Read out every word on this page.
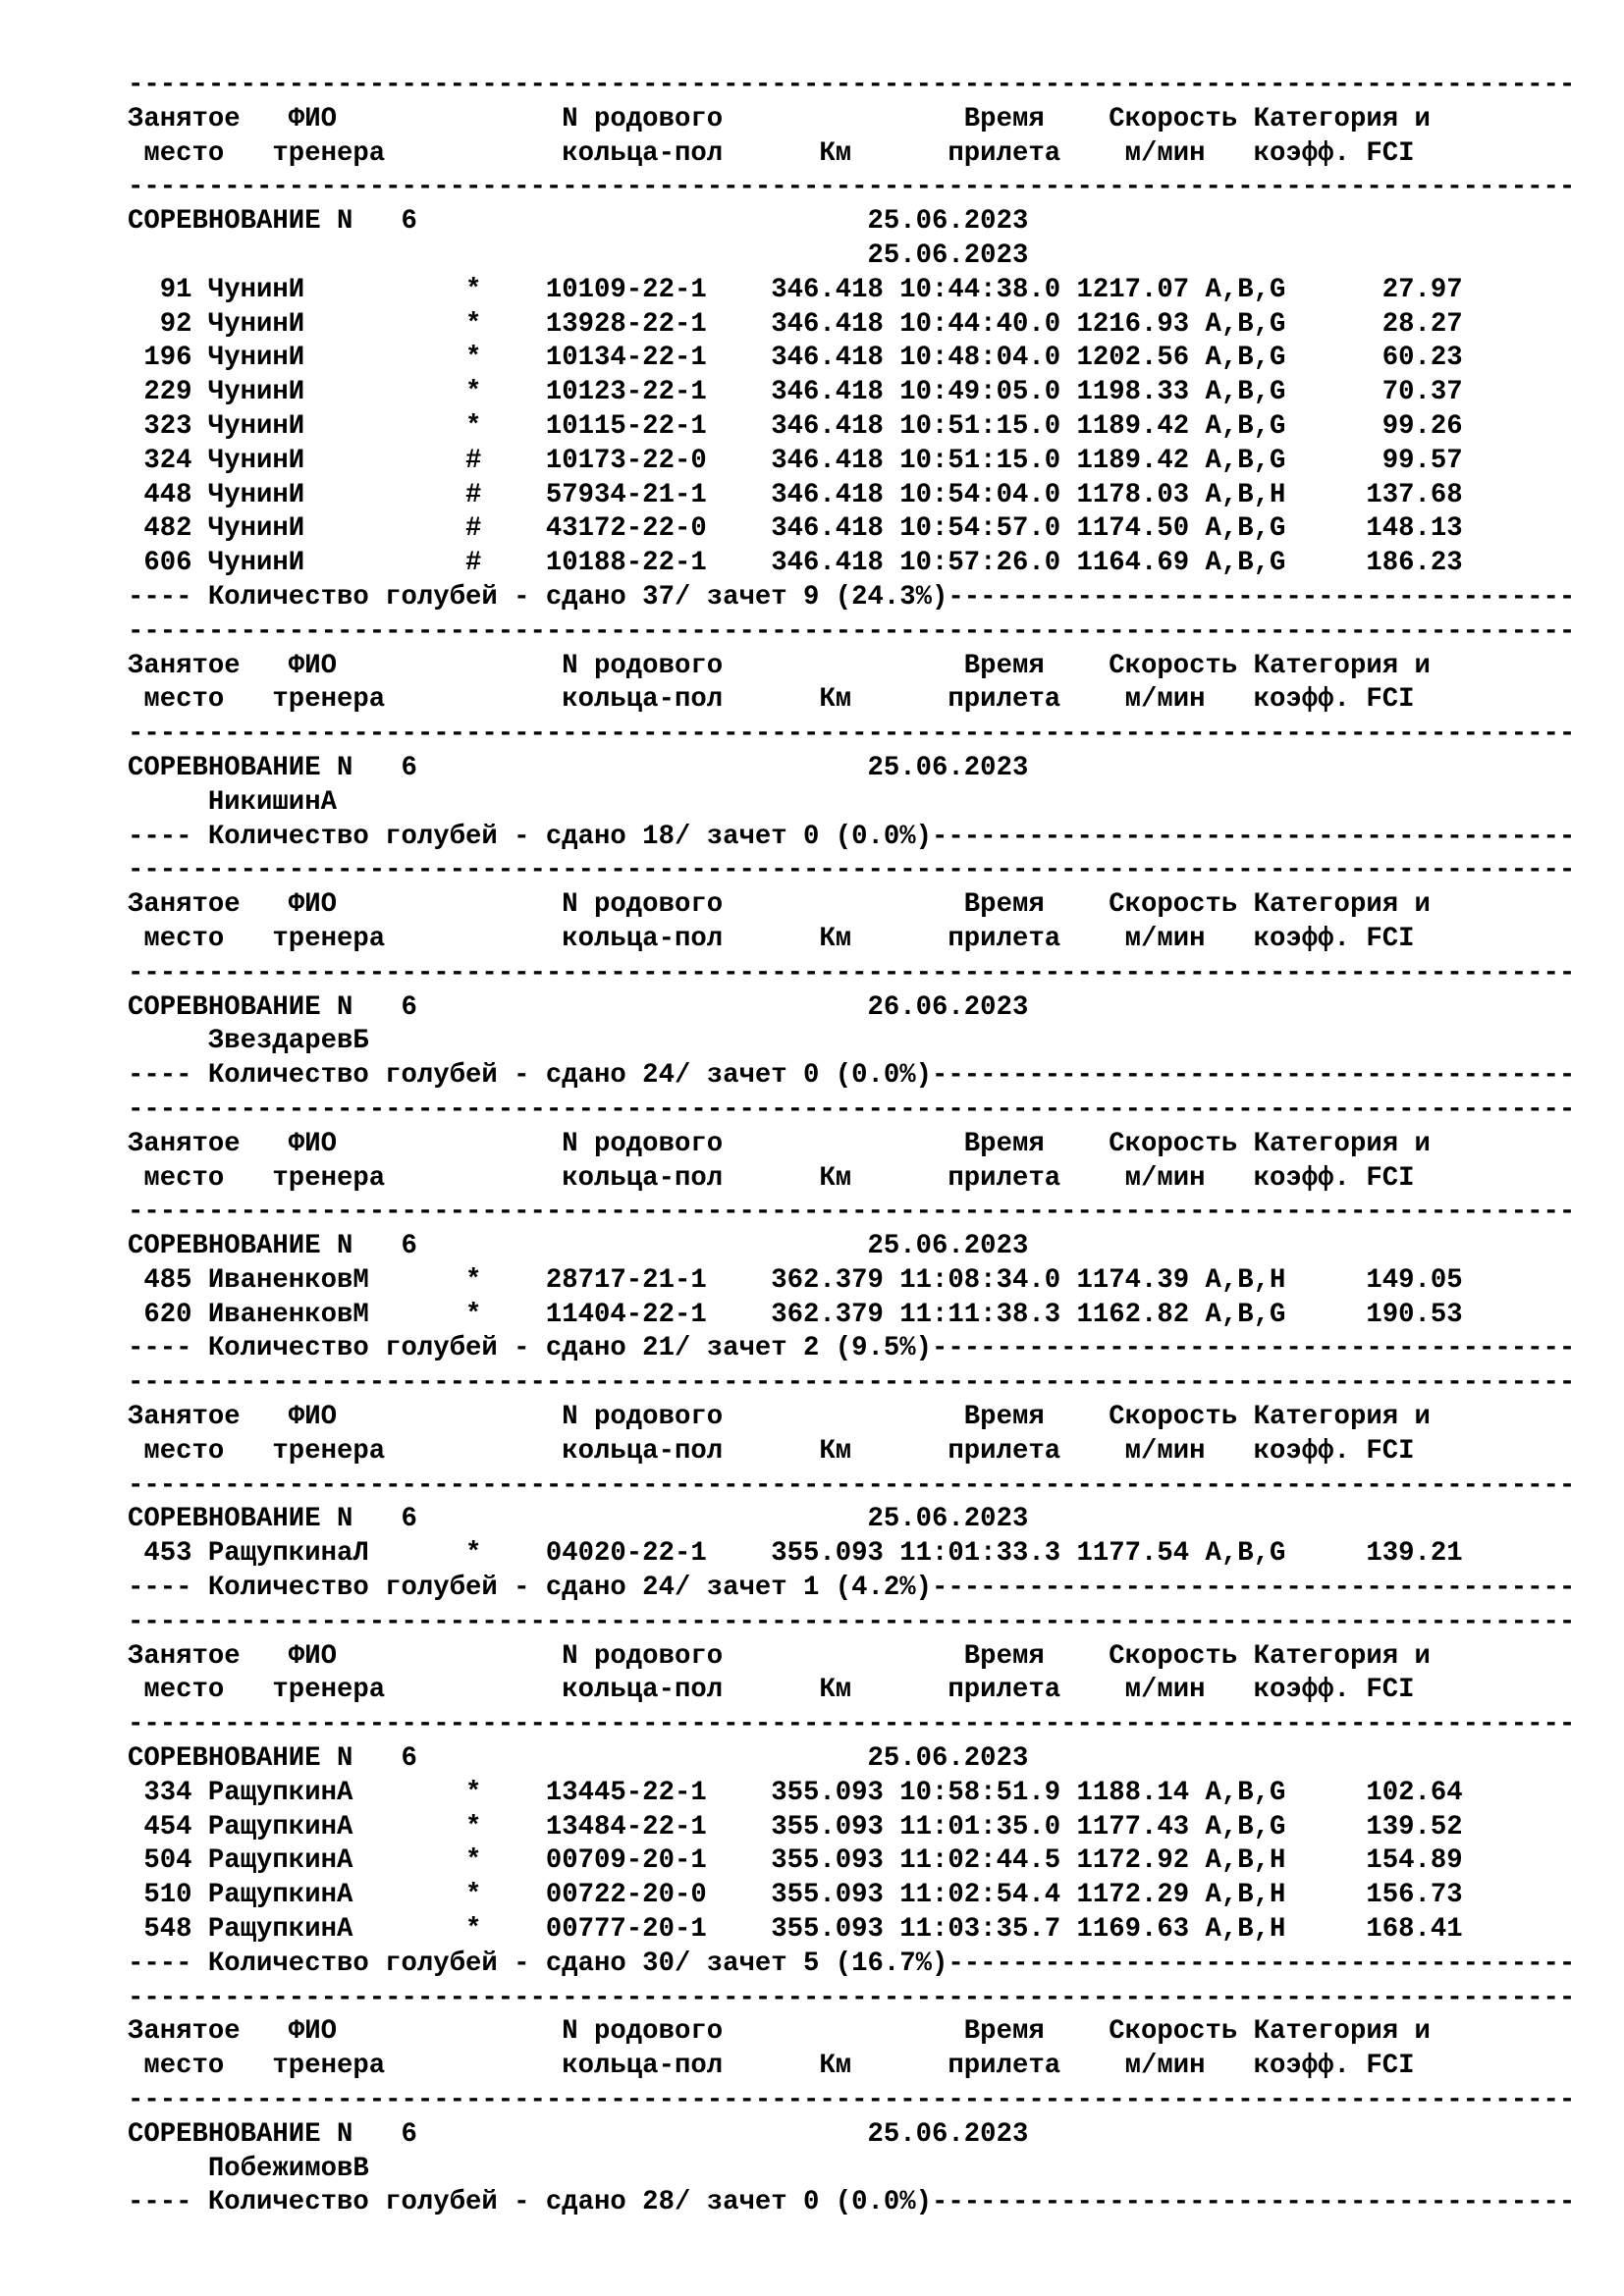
------------------------------------------------------------------------------------------
Занятое   ФИО              N родового               Время    Скорость Категория и
место   тренера           кольца-пол      Км      прилета    м/мин   коэфф. FCI
------------------------------------------------------------------------------------------
СОРЕВНОВАНИЕ N   6                            25.06.2023
25.06.2023
91 ЧунинИ          *    10109-22-1    346.418 10:44:38.0 1217.07 A,B,G      27.97
92 ЧунинИ          *    13928-22-1    346.418 10:44:40.0 1216.93 A,B,G      28.27
196 ЧунинИ          *    10134-22-1    346.418 10:48:04.0 1202.56 A,B,G      60.23
229 ЧунинИ          *    10123-22-1    346.418 10:49:05.0 1198.33 A,B,G      70.37
323 ЧунинИ          *    10115-22-1    346.418 10:51:15.0 1189.42 A,B,G      99.26
324 ЧунинИ          #    10173-22-0    346.418 10:51:15.0 1189.42 A,B,G      99.57
448 ЧунинИ          #    57934-21-1    346.418 10:54:04.0 1178.03 A,B,H     137.68
482 ЧунинИ          #    43172-22-0    346.418 10:54:57.0 1174.50 A,B,G     148.13
606 ЧунинИ          #    10188-22-1    346.418 10:57:26.0 1164.69 A,B,G     186.23
---- Количество голубей - сдано 37/ зачет 9 (24.3%)---------------------------------------
------------------------------------------------------------------------------------------
Занятое   ФИО              N родового               Время    Скорость Категория и
место   тренера           кольца-пол      Км      прилета    м/мин   коэфф. FCI
------------------------------------------------------------------------------------------
СОРЕВНОВАНИЕ N   6                            25.06.2023
НикишинА
---- Количество голубей - сдано 18/ зачет 0 (0.0%)----------------------------------------
------------------------------------------------------------------------------------------
Занятое   ФИО              N родового               Время    Скорость Категория и
место   тренера           кольца-пол      Км      прилета    м/мин   коэфф. FCI
------------------------------------------------------------------------------------------
СОРЕВНОВАНИЕ N   6                            26.06.2023
ЗвездаревБ
---- Количество голубей - сдано 24/ зачет 0 (0.0%)----------------------------------------
------------------------------------------------------------------------------------------
Занятое   ФИО              N родового               Время    Скорость Категория и
место   тренера           кольца-пол      Км      прилета    м/мин   коэфф. FCI
------------------------------------------------------------------------------------------
СОРЕВНОВАНИЕ N   6                            25.06.2023
485 ИваненковМ      *    28717-21-1    362.379 11:08:34.0 1174.39 A,B,H     149.05
620 ИваненковМ      *    11404-22-1    362.379 11:11:38.3 1162.82 A,B,G     190.53
---- Количество голубей - сдано 21/ зачет 2 (9.5%)----------------------------------------
------------------------------------------------------------------------------------------
Занятое   ФИО              N родового               Время    Скорость Категория и
место   тренера           кольца-пол      Км      прилета    м/мин   коэфф. FCI
------------------------------------------------------------------------------------------
СОРЕВНОВАНИЕ N   6                            25.06.2023
453 РащупкинаЛ      *    04020-22-1    355.093 11:01:33.3 1177.54 A,B,G     139.21
---- Количество голубей - сдано 24/ зачет 1 (4.2%)----------------------------------------
------------------------------------------------------------------------------------------
Занятое   ФИО              N родового               Время    Скорость Категория и
место   тренера           кольца-пол      Км      прилета    м/мин   коэфф. FCI
------------------------------------------------------------------------------------------
СОРЕВНОВАНИЕ N   6                            25.06.2023
334 РащупкинА       *    13445-22-1    355.093 10:58:51.9 1188.14 A,B,G     102.64
454 РащупкинА       *    13484-22-1    355.093 11:01:35.0 1177.43 A,B,G     139.52
504 РащупкинА       *    00709-20-1    355.093 11:02:44.5 1172.92 A,B,H     154.89
510 РащупкинА       *    00722-20-0    355.093 11:02:54.4 1172.29 A,B,H     156.73
548 РащупкинА       *    00777-20-1    355.093 11:03:35.7 1169.63 A,B,H     168.41
---- Количество голубей - сдано 30/ зачет 5 (16.7%)---------------------------------------
------------------------------------------------------------------------------------------
Занятое   ФИО              N родового               Время    Скорость Категория и
место   тренера           кольца-пол      Км      прилета    м/мин   коэфф. FCI
------------------------------------------------------------------------------------------
СОРЕВНОВАНИЕ N   6                            25.06.2023
ПобежимовВ
---- Количество голубей - сдано 28/ зачет 0 (0.0%)----------------------------------------
